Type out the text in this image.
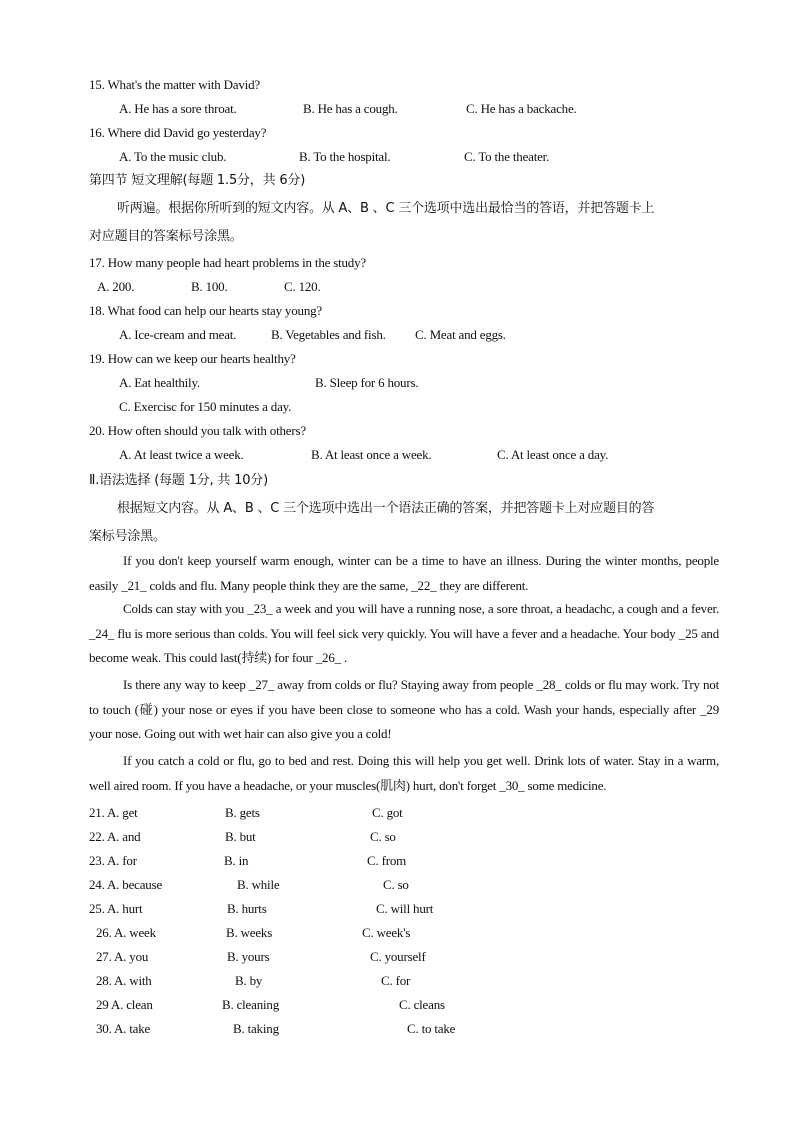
15. What's the matter with David?
A. He has a sore throat.	B. He has a cough.	C. He has a backache.
16. Where did David go yesterday?
A. To the music club.	B. To the hospital.	C. To the theater.
第四节 短文理解(每题 1.5分，共 6分)
听两遍。根据你所听到的短文内容。从 A、B 、C 三个选项中选出最恰当的答语，并把答题卡上
对应题目的答案标号涂黑。
17. How many people had heart problems in the study?
A. 200.	B. 100.	C. 120.
18. What food can help our hearts stay young?
A. Ice-cream and meat.	B. Vegetables and fish. C. Meat and eggs.
19. How can we keep our hearts healthy?
A. Eat healthily.	B. Sleep for 6 hours.
C. Exercisc for 150 minutes a day.
20. How often should you talk with others?
A. At least twice a week.	B. At least once a week.	C. At least once a day.
Ⅱ.语法选择 (每题 1分, 共 10分)
根据短文内容。从 A、B 、C 三个选项中选出一个语法正确的答案，并把答题卡上对应题目的答
案标号涂黑。

If you don't keep yourself warm enough, winter can be a time to have an illness. During the winter months, people easily _21_ colds and flu. Many people think they are the same, _22_ they are different.

Colds can stay with you _23_ a week and you will have a running nose, a sore throat, a headachc, a cough and a fever. _24_ flu is more serious than colds. You will feel sick very quickly. You will have a fever and a headache. Your body _25 and become weak. This could last(持续) for four _26_ .

Is there any way to keep _27_ away from colds or flu? Staying away from people _28_ colds or flu may work. Try not to touch (碰) your nose or eyes if you have been close to someone who has a cold. Wash your hands, especially after _29 your nose. Going out with wet hair can also give you a cold!

If you catch a cold or flu, go to bed and rest. Doing this will help you get well. Drink lots of water. Stay in a warm, well aired room. If you have a headache, or your muscles(肌肉) hurt, don't forget _30_ some medicine.

21. A. get	B. gets	C. got
22. A. and	B. but	C. so
23. A. for	B. in	C. from
24. A. because	B. while	C. so
25. A. hurt	B. hurts	C. will hurt
26. A. week	B. weeks	C. week's
27. A. you	B. yours	C. yourself
28. A. with	B. by	C. for
29 A. clean	B. cleaning	C. cleans
30. A. take	B. taking	C. to take
